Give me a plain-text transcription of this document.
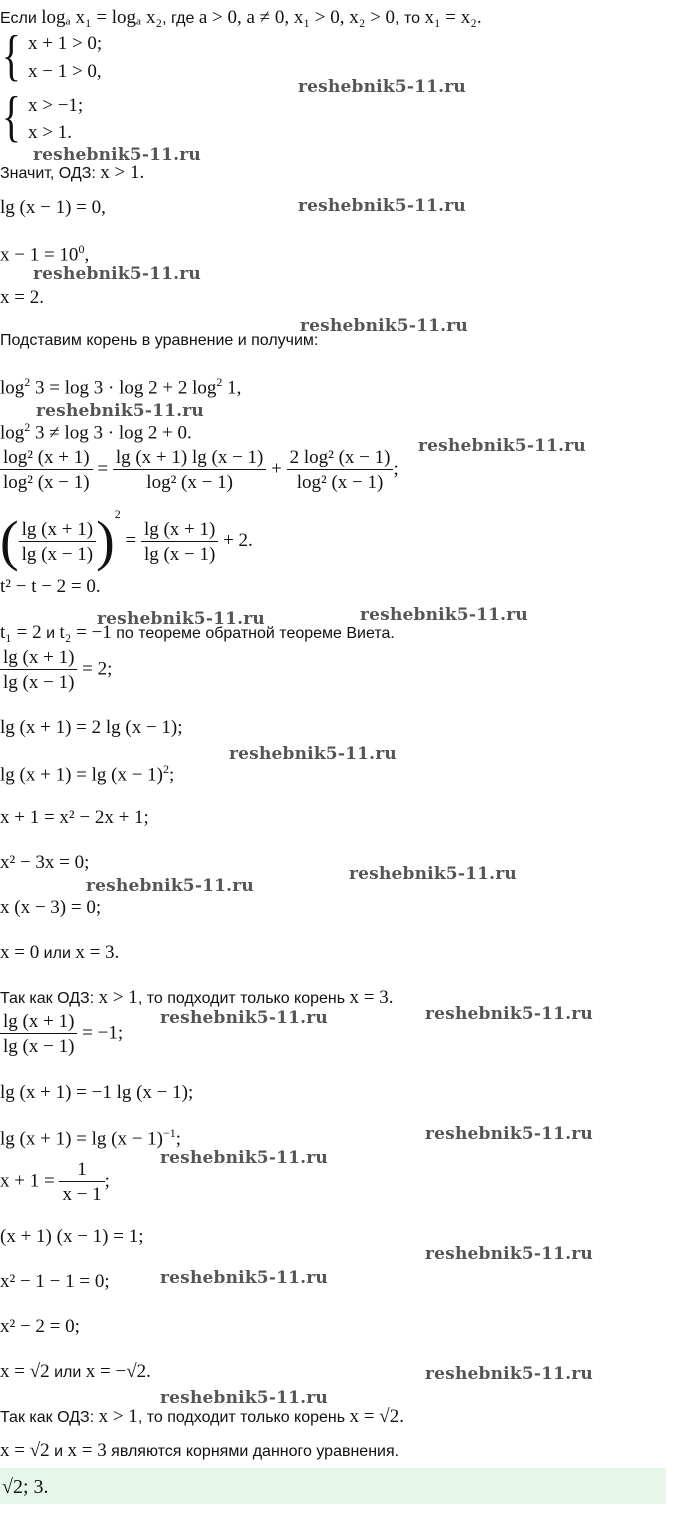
Если logₐ x₁ = logₐ x₂, где a > 0, a ≠ 0, x₁ > 0, x₂ > 0, то x₁ = x₂.
{ x + 1 > 0;
x − 1 > 0,
{ x > −1;
x > 1.
Значит, ОДЗ: x > 1.
lg (x − 1) = 0,
$x - 1 = 10^0$,
x = 2.
Подставим корень в уравнение и получим:
$\log^2 3 = \log 3 \cdot \log 2 + 2$ $\log^2 1$,
$\log^2 3 \ne \log 3 \cdot \log 2 + 0$.
$\frac{\text{log² (x + 1)}}{\text{log² (x − 1)}} = \frac{\lg (x + 1) \lg (x - 1)}{\text{log² (x − 1)}} + \frac{\text{2 log² (x − 1)}}{\text{log² (x − 1)}}$ ;
( $\frac{\lg (x + 1)}{\lg (x - 1)} )^2 = \frac{\lg (x + 1)}{\lg (x - 1)} + 2$.
t² − t − 2 = 0.
t₁ = 2 и t₂ = −1 по теореме обратной теореме Виета.
$\frac{\lg (x + 1)}{\lg (x - 1)} = 2$;
lg (x + 1) = 2 lg (x − 1);
$\lg (x + 1) = \lg (x - 1)^2$;
x + 1 = x² − 2x + 1;
x² − 3x = 0;
x (x − 3) = 0;
x = 0 или x = 3.
Так как ОДЗ: x > 1, то подходит только корень x = 3.
$\frac{\lg (x + 1)}{\lg (x - 1)} = -1$;
lg (x + 1) = −1 lg (x − 1);
$\lg (x + 1) = \lg (x - 1)^{-1}$;
$x + 1 = \frac{1}{x - 1}$ ;
(x + 1) (x − 1) = 1;
x² − 1 − 1 = 0;
x² − 2 = 0;
x = √2 или x = −√2.
Так как ОДЗ: x > 1, то подходит только корень x = √2.
x = √2 и x = 3 являются корнями данного уравнения.
√2; 3.
reshebnik5-11.ru
reshebnik5-11.ru
reshebnik5-11.ru
reshebnik5-11.ru
reshebnik5-11.ru
reshebnik5-11.ru
reshebnik5-11.ru
reshebnik5-11.ru	reshebnik5-11.ru
reshebnik5-11.ru
reshebnik5-11.ru
reshebnik5-11.ru
reshebnik5-11.ru	reshebnik5-11.ru
reshebnik5-11.ru
reshebnik5-11.ru
reshebnik5-11.ru
reshebnik5-11.ru
reshebnik5-11.ru
reshebnik5-11.ru
